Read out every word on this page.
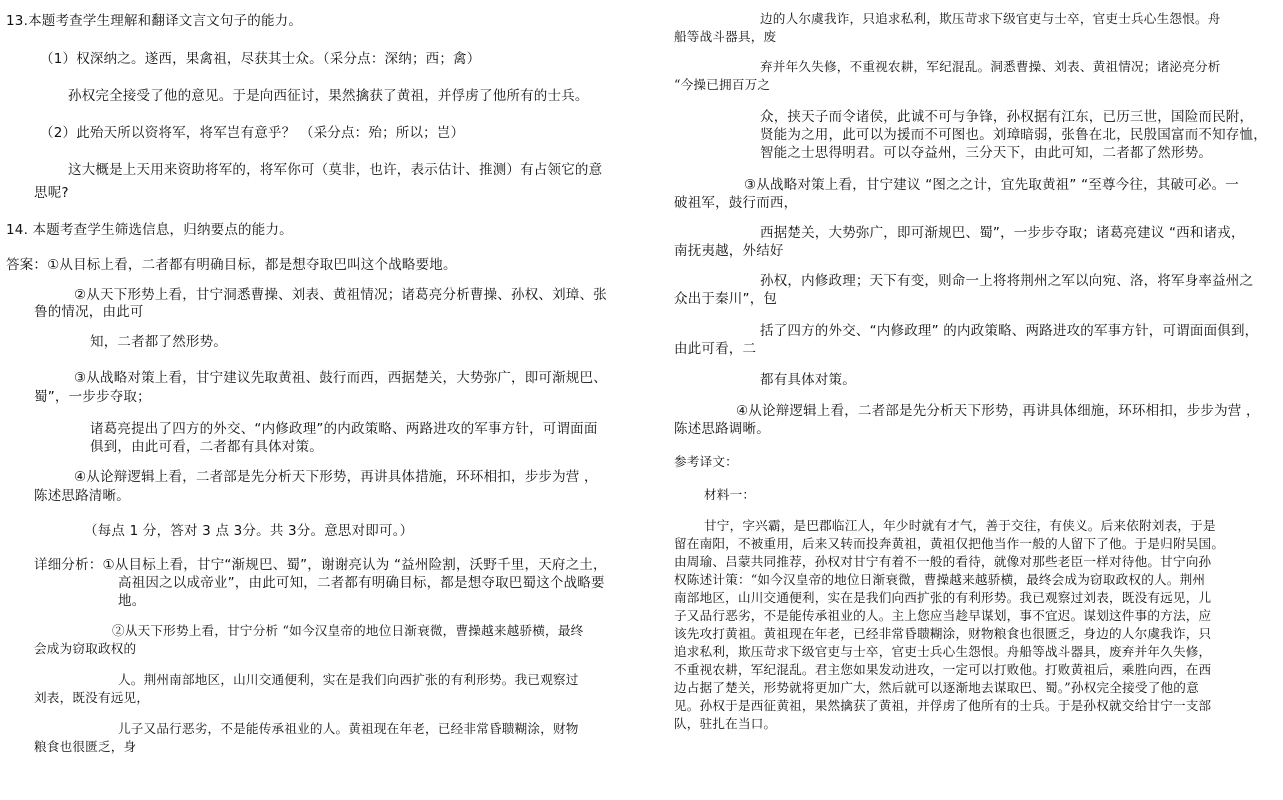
13.本题考查学生理解和翻译文言文句子的能力。
（1）权深纳之。遂西，果禽祖，尽获其士众。（采分点：深纳；西；禽）
孙权完全接受了他的意见。于是向西征讨，果然擒获了黄祖，并俘虏了他所有的士兵。
（2）此殆天所以资将军，将军岂有意乎？ （采分点：殆；所以；岂）
这大概是上天用来资助将军的，将军你可（莫非，也许，表示估计、推测）有占领它的意
思呢?
14. 本题考查学生筛选信息，归纳要点的能力。
答案：①从目标上看，二者都有明确目标，都是想夺取巴叫这个战略要地。
②从天下形势上看，甘宁洞悉曹操、刘表、黄祖情况；诸葛亮分析曹操、孙权、刘璋、张
鲁的情况，由此可
知，二者都了然形势。
③从战略对策上看，甘宁建议先取黄祖、鼓行而西，西据楚关，大势弥广，即可渐规巴、
蜀”，一步步夺取；
诸葛亮提出了四方的外交、“内修政理”的内政策略、两路进攻的军事方针，可谓面面
俱到，由此可看，二者都有具体对策。
④从论辩逻辑上看，二者部是先分析天下形势，再讲具体措施，环环相扣，步步为营 ，
陈述思路清晰。
（每点 1 分，答对 3 点 3分。共 3分。意思对即可。）
详细分析：①从目标上看，甘宁“渐规巴、蜀”，谢谢亮认为 “益州险割，沃野千里，天府之土，
高祖因之以成帝业”，由此可知，二者都有明确目标，都是想夺取巴蜀这个战略要
地。
②从天下形势上看，甘宁分析 “如今汉皇帝的地位日渐衰微，曹操越来越骄横，最终
会成为窃取政权的
人。荆州南部地区，山川交通便利，实在是我们向西扩张的有利形势。我已观察过
刘表，既没有远见，
儿子又品行恶劣，不是能传承祖业的人。黄祖现在年老，已经非常昏聩糊涂，财物
粮食也很匮乏，身
边的人尔虞我诈，只追求私利，欺压苛求下级官吏与士卒，官吏士兵心生怨恨。舟
船等战斗器具，废
弃并年久失修，不重视农耕，军纪混乱。洞悉曹操、刘表、黄祖情况；诸泌亮分析
“今操已拥百万之
众，挟天子而令诸侯，此诚不可与争锋，孙权据有江东，已历三世，国险而民附，
贤能为之用，此可以为援而不可图也。刘璋暗弱，张鲁在北，民殷国富而不知存恤，
智能之士思得明君。可以夺益州，三分天下，由此可知，二者都了然形势。
③从战略对策上看，甘宁建议 “图之之计，宜先取黄祖” “至尊今往，其破可必。一
破祖军，鼓行而西，
西据楚关，大势弥广，即可渐规巴、蜀”，一步步夺取；诸葛亮建议 “西和诸戎，
南抚夷越，外结好
孙权，内修政理；天下有变，则命一上将将荆州之军以向宛、洛，将军身率益州之
众出于秦川”，包
括了四方的外交、“内修政理” 的内政策略、两路进攻的军事方针，可谓面面俱到，
由此可看，二
都有具体对策。
④从论辩逻辑上看，二者部是先分析天下形势，再讲具体细施，环环相扣，步步为营 ，
陈述思路调晰。
参考译文：
材料一：
甘宁，字兴霸，是巴郡临江人，年少时就有才气，善于交往，有侠义。后来依附刘表，于是
留在南阳，不被重用，后来又转而投奔黄祖，黄祖仅把他当作一般的人留下了他。于是归附吴国。
由周瑜、吕蒙共同推荐，孙权对甘宁有着不一般的看待，就像对那些老臣一样对待他。甘宁向孙
权陈述计策：“如今汉皇帝的地位日渐衰微，曹操越来越骄横，最终会成为窃取政权的人。荆州
南部地区，山川交通便利，实在是我们向西扩张的有利形势。我已观察过刘表，既没有远见，儿
子又品行恶劣，不是能传承祖业的人。主上您应当趁早谋划，事不宜迟。谋划这件事的方法，应
该先攻打黄祖。黄祖现在年老，已经非常昏聩糊涂，财物粮食也很匮乏，身边的人尔虞我诈，只
追求私利，欺压苛求下级官吏与士卒，官吏士兵心生怨恨。舟船等战斗器具，废弃并年久失修，
不重视农耕，军纪混乱。君主您如果发动进攻，一定可以打败他。打败黄祖后，乘胜向西，在西
边占据了楚关，形势就将更加广大，然后就可以逐渐地去谋取巴、蜀。”孙权完全接受了他的意
见。孙权于是西征黄祖，果然擒获了黄祖，并俘虏了他所有的士兵。于是孙权就交给甘宁一支部
队，驻扎在当口。
